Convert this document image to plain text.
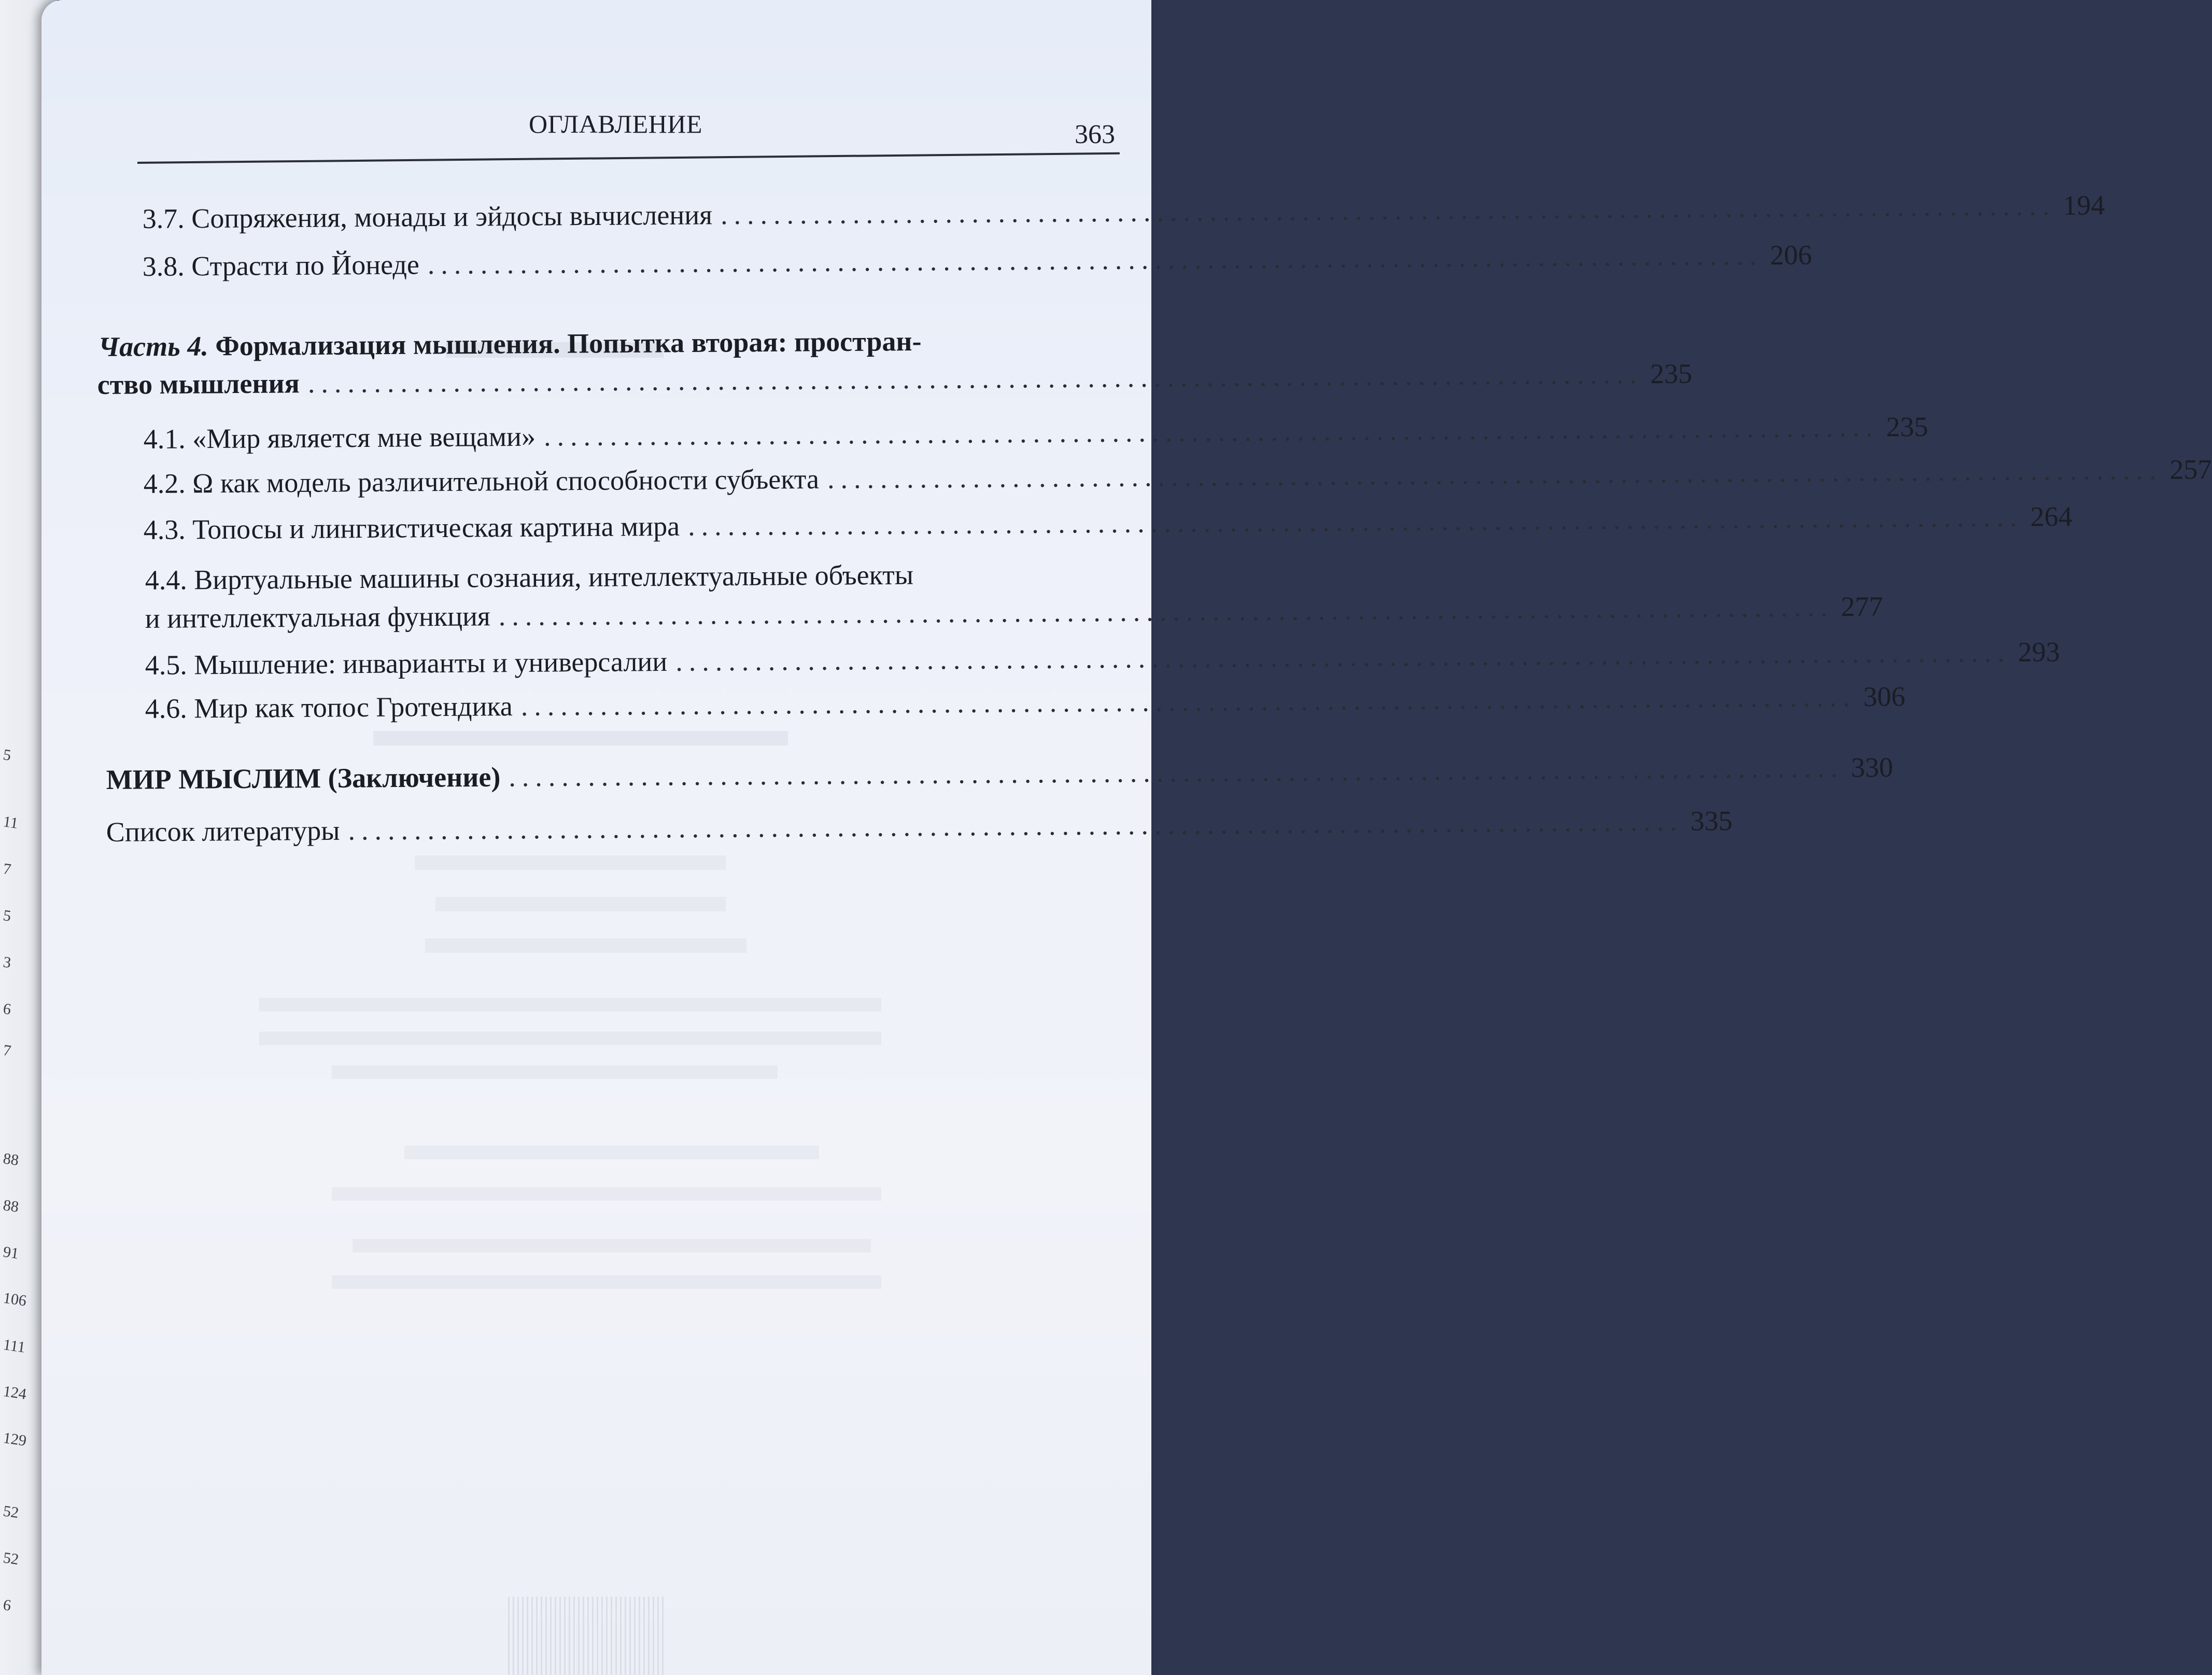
5
11
7
5
3
6
7
88
88
91
106
111
124
129
52
52
6
ОГЛАВЛЕНИЕ	363
3.7. Сопряжения, монады и эйдосы вычисления ..................................................................................................... 194
3.8. Страсти по Йонеде ..................................................................................................... 206
Часть 4. Формализация мышления. Попытка вторая: простран-
ство мышления ..................................................................................................... 235
4.1. «Мир является мне вещами» ..................................................................................................... 235
4.2. Ω как модель различительной способности субъекта ..................................................................................................... 257
4.3. Топосы и лингвистическая картина мира ..................................................................................................... 264
4.4. Виртуальные машины сознания, интеллектуальные объекты
и интеллектуальная функция ..................................................................................................... 277
4.5. Мышление: инварианты и универсалии ..................................................................................................... 293
4.6. Мир как топос Гротендика ..................................................................................................... 306
МИР МЫСЛИМ (Заключение) ..................................................................................................... 330
Список литературы ..................................................................................................... 335
